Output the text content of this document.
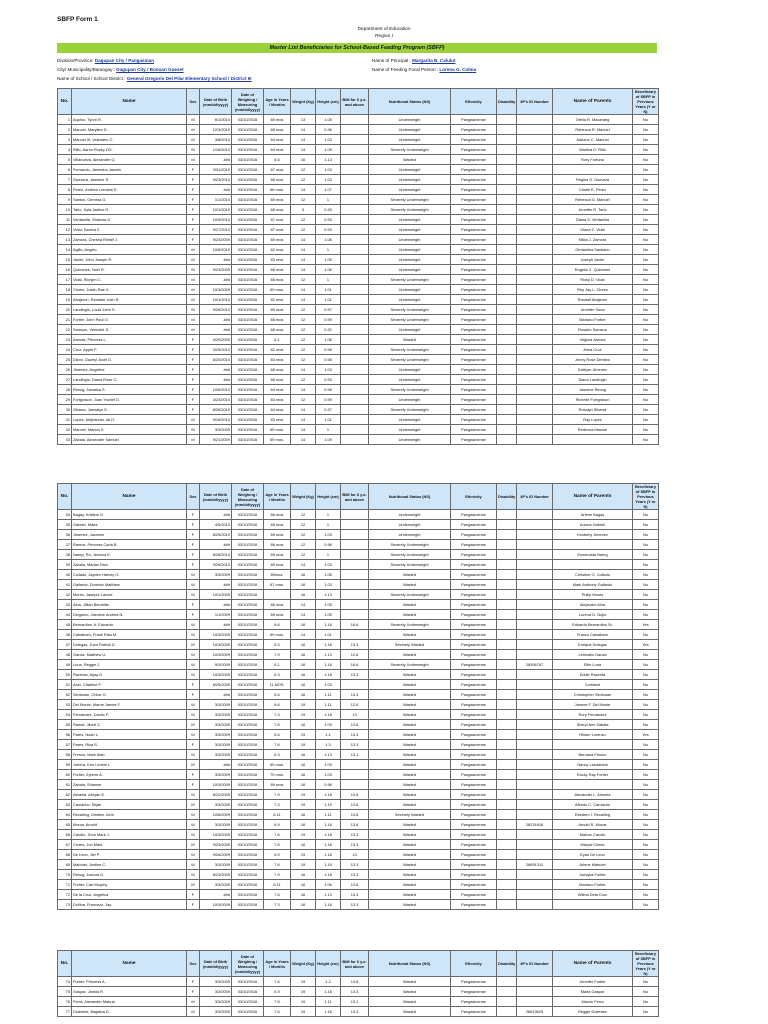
SBFP Form 1
Department of Education
Region I
Master List Beneficiaries for School-Based Feeding Program (SBFP)
Division/Province: Dagupan City / Pangasinan
City/ Municipality/Barangay : Dagupan City / Bonuan Gueset
Name of School / School District : General Gregorio Del Pilar Elementary School / District III
Name of Principal : Margarita B. Calulut
Name of Feeding Focal Person : Lorena G. Colma
No.	Name	Sex	Date of Birth (mm/dd/yyyy)	Date of Weighing / Measuring (mm/dd/yyyy)	Age in Years / Months	Weight (Kg)	Height (cm)	BMI for 6 y.o. and above	Nutritional Status (NS)	Ethnicity	Disability	4P's ID Number	Name of Parents	Beneficiary of SBFP in Previous Years (Y or N)
1	Aquino, Tyron R.	M	6/1/2010	03/10/2016	69 mos	13	1.05		Underweight	Pangasinense			Ofelia R. Macaraeg	No
2	Manuel, Marytien D.	M	12/3/2010	03/10/2016	65 mos	14	0.96		Underweight	Pangasinense			Rebecca R. Manuel	No
3	Manuel III, Valeriano C.	M	3/8/2010	03/10/2016	64 mos	14	1.03		Underweight	Pangasinense			Adriano C. Manuel	No
4	Rillo, Aaron Rocky DG.	M	1/16/2010	03/10/2016	64 mos	14	1.05		Severely Underweight	Pangasinense			Martina D. Rillo	No
5	Villanueva, Alexander Q.	M	###	03/10/2016	6.6	16	1.13		Wasted	Pangasinense			Rory Fortuna	No
6	Fernando, Jamesha Jasmin	F	3/31/2010	03/10/2016	67 mos	12	1.03		Underweight	Pangasinense				No
7	Guevara, Jasmine S.	F	9/23/2010	03/10/2016	66 mos	12	1.03		Underweight	Pangasinense			Regina S. Guevara	No
8	Perez, Andrea Lorraine E.	F	###	03/10/2016	66 mos.	14	1.07		Underweight	Pangasinense			Cristie E. Perez	No
9	Santos, Gemma G.	F	1/1/2010	03/10/2016	69 mos	12	1		Severely Underweight	Pangasinense			Rebecca G. Manuel	No
10	Tarlo, Kyla Jasline R.	F	10/1/2010	03/10/2016	66 mos	3	0.93		Severely Underweight	Pangasinense			Jennifer R. Tarlo	No
11	Ventanilla, Shianna S.	F	10/9/2010	03/10/2016	67 mos	12	0.93		Underweight	Pangasinense			Diana S. Ventanilla	No
12	Vidal, Danica Z.	F	9/27/2010	03/10/2016	67 mos	12	0.93		Underweight	Pangasinense			Diana Z. Vidal	No
13	Zamora, Chesha Rimiel J.	F	9/23/2009	03/10/2016	69 mos	14	1.06		Underweight	Pangasinense			Nilda J. Zamora	No
14	Agillo, Angelo	M	10/8/2010	03/10/2016	62 mos	14	1		Underweight	Pangasinense			Gedanilea Santiano	No
15	Javier, John Joseph R.	M	###	03/10/2016	63 mos	14	1.05		Underweight	Pangasinense			Joseph Javier	No
16	Quinones, Noel R.	M	9/23/2009	03/10/2016	66 mos	14	1.06		Underweight	Pangasinense			Rogelio Z. Quinones	No
17	Vidal, Richjen C.	M	###	03/10/2016	66 mos	12	1		Severely Underweight	Pangasinense			Ricky D. Vidal	No
18	Clores, Justin Rae V.	M	10/3/2009	03/10/2016	69 mos.	14	1.01		Underweight	Pangasinense			Rey Jay L. Clores	No
19	Abajeron, Randale Josh R.	M	10/1/2010	03/10/2016	62 mos	14	1.01		Underweight	Pangasinense			Randall Abajeron	No
20	Landingin, Louis John S.	M	9/26/2010	03/10/2016	65 mos	12	0.97		Severely Underweight	Pangasinense			Jennifer Soria	No
21	Fortier, John Paul O.	M	###	03/10/2016	66 mos	12	0.99		Severely Underweight	Pangasinense			Mariano Fortier	No
22	Samson, Venedict S.	M	###	03/10/2016	66 mos	12	0.92		Underweight	Pangasinense			Rosario Samson	No
23	Arenas, Princess L.	F	4/20/2009	03/10/2016	6.1	12	1.06		Wasted	Pangasinense			Virginia Arenas	No
24	Cruz, Apple F.	F	3/25/2010	03/10/2016	62 mos	12	0.96		Severely Underweight	Pangasinense			Alma Cruz	No
25	Dizon, Dazeyl Jocel D.	F	6/20/2010	03/10/2016	63 mos	12	0.98		Severely Underweight	Pangasinense			Jenny Rose Dentino	No
26	Jimenez, Angeline	F	###	03/10/2016	66 mos	14	1.03		Underweight	Pangasinense			Kathyrn Jimenez	No
27	Landingin, Diana Rose C.	F	###	03/10/2016	66 mos	12	0.93		Underweight	Pangasinense			Diana Landingin	No
28	Rimog, Jamaica S.	F	10/6/2010	03/10/2016	64 mos	14	0.96		Severely Underweight	Pangasinense			Jasmine Rimog	No
29	Fortgrason, Juan Yschel D.	F	3/23/2010	03/10/2016	63 mos	12	0.99		Underweight	Pangasinense			Richelle Fortgrason	No
30	Sibarra, Jaenalyn E.	F	8/28/2010	03/10/2016	64 mos	14	0.97		Severely Underweight	Pangasinense			Rosalyn Sibarra	No
31	Lopez, Alejhandro Jal D.	M	9/16/2010	03/10/2016	63 mos	14	1.01		Underweight	Pangasinense			Ray Lopez	No
32	Manuel, Marion S.	M	3/3/2009	03/10/2016	65 mos.	14	1		Underweight	Pangasinense			Redensa Manuel	No
33	Zabala, Alexander Samuel	M	9/21/2009	03/10/2016	69 mos.	14	1.09		Underweight	Pangasinense				No
No.	Name	Sex	Date of Birth (mm/dd/yyyy)	Date of Weighing / Measuring (mm/dd/yyyy)	Age in Years / Months	Weight (Kg)	Height (cm)	BMI for 6 y.o. and above	Nutritional Status (NS)	Ethnicity	Disability	4P's ID Number	Name of Parents	Beneficiary of SBFP in Previous Years (Y or N)
34	Bagay, Kristine G.	F	###	03/10/2016	66 mos	12	1		Underweight	Pangasinense			Arlene Bagay	No
35	Gabriel, Maria	F	4/5/2010	03/10/2016	65 mos	12	1		Underweight	Pangasinense			Aurora Gabriel	No
36	Jimenez, Jasmine	F	8/25/2010	03/10/2016	69 mos	12	1.03		Underweight	Pangasinense			Kimberly Jimenez	No
37	Ramos, Princess Carla B.	F	###	03/10/2016	66 mos	12	0.96		Severely Underweight	Pangasinense				No
38	Nareg, Ro, Jennica E.	F	8/28/2010	03/10/2016	69 mos	12	1		Severely Underweight	Pangasinense			Esmeralda Nareg	No
39	Zabala, Marian Nich	F	9/26/2010	03/10/2016	69 mos	14	1.03		Severely Underweight	Pangasinense				No
40	Collado, Jayden Harvey O.	M	3/3/2009	03/10/2016	69mos.	16	1.06		Wasted	Pangasinense			Christine O. Collado	No
41	Gallardo, Dominic Matthew	M	###	03/10/2016	67 mos.	16	1.03		Wasted	Pangasinense			Mark Anthony Gallardo	No
42	Mores, Jasepur Lancel	M	10/1/2009	03/10/2016		16	1.13		Severely Underweight	Pangasinense			Philip Mores	No
43	Alna, Jillian Bemblila	F	###	03/10/2016	66 mos	14	1.05		Wasted	Pangasinense			Alejandro Alna	No
44	Dinguino, Jasmine Andrea N.	F	1/1/2009	03/10/2016	69 mos	14	1.05		Wasted	Pangasinense			Lorena G. Nojio	No
45	Bernardino Jr. Eduardo	M	###	03/10/2016	6.6	16	1.16	16.6	Severely Underweight	Pangasinense			Eduardo Bernardino Sr.	Yes
46	Cabalbam, Frank Risa M.	M	10/3/2009	03/10/2016	69 mos.	14	1.01		Wasted	Pangasinense			Franco Cabalbam	No
47	Dolegas, Juan Patrick D.	M	10/3/2009	03/10/2016	6.3	16	1.16	13.3	Severely Wasted	Pangasinense			Enrique Dolegas	Yes
48	Garcia, Matthew U.	M	10/3/2009	03/10/2016	7.9	16	1.13	12.6	Wasted	Pangasinense			Leitmalio Garcia	No
49	Luna, Reggie J.	M	9/3/2009	03/10/2016	6.1	16	1.16	16.6	Severely Underweight	Pangasinense		26396767	Elile Luna	No
50	Racenta, Arjay D.	M	10/3/2009	03/10/2016	6.3	16	1.16	13.3	Wasted	Pangasinense			Eddie Racenta	No
51	Anel, Charline F.	F	6/25/2009	03/10/2016	11 MOS.	16	1.03		Wasted	Pangasinense			Cortlanel	No
52	Simbulan, Chloe G.	F	###	03/10/2016	6.6	16	1.11	13.3	Wasted	Pangasinense			Christopher Simbulan	No
53	Del Monte, Marrie James F.	M	3/3/2009	03/10/2016	6.6	19	1.11	12.6	Wasted	Pangasinense			Janene F. Del Monte	No
54	Fernandez, Danilo F.	M	3/3/2009	03/10/2016	7.3	19	1.16	13	Wasted	Pangasinense			Rory Fernandez	No
55	Ramat, Jibert Z.	M	3/3/2009	03/10/2016	7.6	16	1.09	13.6	Wasted	Pangasinense			Sheryl Ann Zabala	No
56	Pares, Noah L.	M	3/3/2009	03/10/2016	6.6	19	1.1	13.3	Wasted	Pangasinense			Rhiam Lorenzo	Yes
57	Pares, Riza S.	F	3/3/2009	03/10/2016	7.6	19	1.3	13.3	Wasted	Pangasinense				No
58	Fresno, Mark Alan	M	3/3/2009	03/10/2016	6.3	16	1.13	13.1	Wasted	Pangasinense			Bernana Fresno	No
59	Jortera, Ken Lenine L.	M	###	03/10/2016	69 mos.	16	1.09		Wasted	Pangasinense			Nancy Landanela	No
60	Fortier, Zyrene A.	F	3/3/2009	03/10/2016	70 mos.	16	1.03		Wasted	Pangasinense			Rocky Ray Fortier	No
61	Zabala, Shianne	F	10/3/2009	03/10/2016	69 mos	16	0.96		Wasted	Pangasinense				No
62	Almeria, Abryan E.	M	6/22/2009	03/10/2016	7.9	19	1.16	13.6	Wasted	Pangasinense			Alexander L. Almeria	No
63	Camacho, Elijah	M	3/3/2009	03/10/2016	7.3	19	1.19	13.6	Wasted	Pangasinense			Alfredo C. Camacho	No
64	Recalling, Destine John	M	10/6/2009	03/10/2016	6.11	16	1.11	13.6	Severely Wasted	Pangasinense			Ebedero I. Recalling	No
65	Monar, Arnold	M	3/3/2009	03/10/2016	6.9	16	1.16	13.6	Wasted	Pangasinense		26231616	Arnold R. Monar	No
66	Carolio, Jhon Mark J.	M	10/3/2009	03/10/2016	7.6	19	1.16	13.3	Wasted	Pangasinense			Marivic Carolio	No
67	Clores, Jon Mark	M	3/23/2009	03/10/2016	7.6	16	1.16	13.3	Wasted	Pangasinense			Maryst Clores	No
68	De Leon, Jiel P.	M	9/26/2009	03/10/2016	6.9	19	1.16	13	Wasted	Pangasinense			Eyan De Leon	No
69	Mabulet, Justine C.	M	3/3/2009	03/10/2016	7.6	19	1.19	13.3	Wasted	Pangasinense		26691311	Arlene Mabulet	No
70	Rimog, Joshua G.	M	6/23/2009	03/10/2016	7.9	16	1.16	13.3	Wasted	Pangasinense			Joesyka Fortier	No
71	Fortier, Carl Murphy	M	3/3/2009	03/10/2016	6.11	16	1.06	13.6	Wasted	Pangasinense			Mariano Fortier	No
72	De la Cruz, Angelica	F	###	03/10/2016	7.6	16	1.13	13.3	Wasted	Pangasinense			Wilma Dela Cruz	No
73	Dollina, Francezz, Jay	F	10/3/2009	03/10/2016	7.3	16	1.16	13.3	Wasted	Pangasinense				No
No.	Name	Sex	Date of Birth (mm/dd/yyyy)	Date of Weighing / Measuring (mm/dd/yyyy)	Age in Years / Months	Weight (Kg)	Height (cm)	BMI for 6 y.o. and above	Nutritional Status (NS)	Ethnicity	Disability	4P's ID Number	Name of Parents	Beneficiary of SBFP in Previous Years (Y or N)
74	Fortier, Princess A.	F	3/3/2009	03/10/2016	7.6	19	1.2	13.6	Wasted	Pangasinense			Jennifer Fortier	No
75	Gaspar, Jamila R.	F	3/3/2009	03/10/2016	6.9	19	1.16	13.3	Wasted	Pangasinense			Maria Gaspar	No
76	Ferra, Alexander Mabria	M	3/3/2009	03/10/2016	7.6	19	1.11	13.1	Wasted	Pangasinense			Marvin Ferra	No
77	Dolentes, Baglaba D.	M	3/3/2009	03/10/2016	7.6	19	1.16	13.3	Wasted	Pangasinense		26613629	Reggie Dolentes	No
